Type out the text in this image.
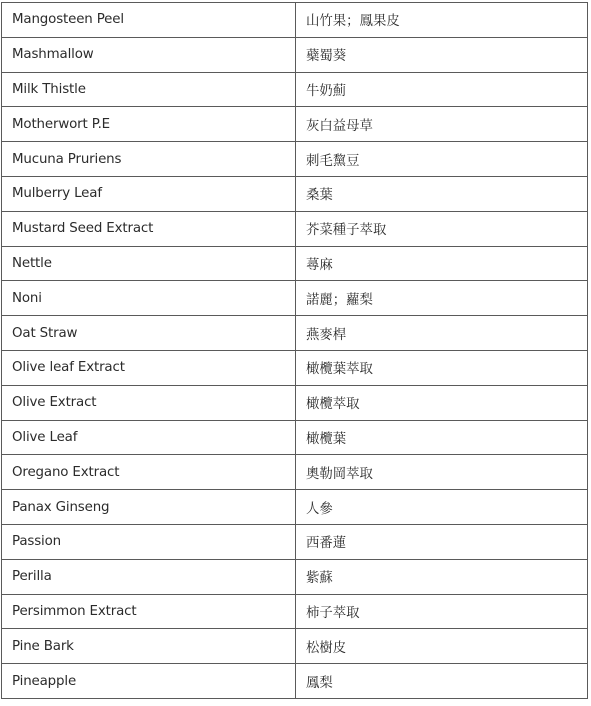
Mangosteen Peel	山竹果；鳳果皮
Mashmallow	蘗蜀葵
Milk Thistle	牛奶薊
Motherwort P.E	灰白益母草
Mucuna Pruriens	刺毛黧豆
Mulberry Leaf	桑葉
Mustard Seed Extract	芥菜種子萃取
Nettle	蕁麻
Noni	諾麗；蘿梨
Oat Straw	燕麥桿
Olive leaf Extract	橄欖葉萃取
Olive Extract	橄欖萃取
Olive Leaf	橄欖葉
Oregano Extract	奧勒岡萃取
Panax Ginseng	人參
Passion	西番蓮
Perilla	紫蘇
Persimmon Extract	柿子萃取
Pine Bark	松樹皮
Pineapple	鳳梨
